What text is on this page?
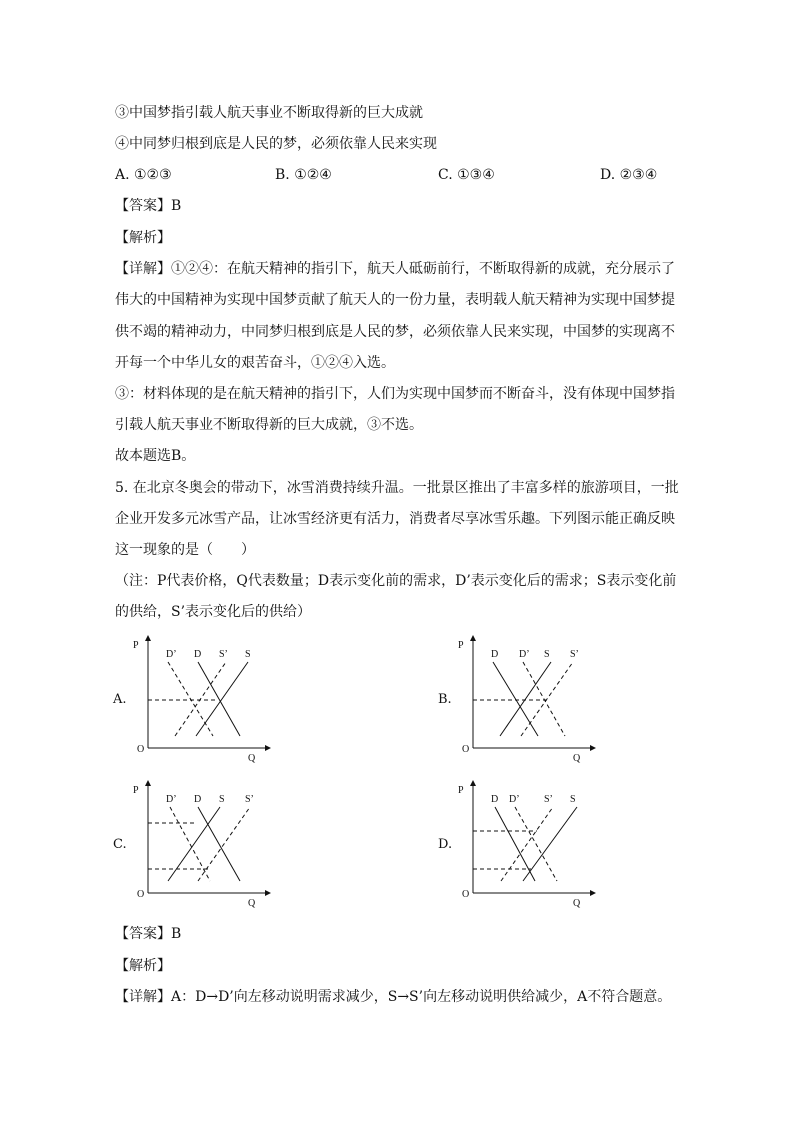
③中国梦指引载人航天事业不断取得新的巨大成就
④中同梦归根到底是人民的梦，必须依靠人民来实现
A. ①②③	B. ①②④	C. ①③④	D. ②③④
【答案】B
【解析】
【详解】①②④：在航天精神的指引下，航天人砥砺前行，不断取得新的成就，充分展示了
伟大的中国精神为实现中国梦贡献了航天人的一份力量，表明载人航天精神为实现中国梦提
供不竭的精神动力，中同梦归根到底是人民的梦，必须依靠人民来实现，中国梦的实现离不
开每一个中华儿女的艰苦奋斗，①②④入选。
③：材料体现的是在航天精神的指引下，人们为实现中国梦而不断奋斗，没有体现中国梦指
引载人航天事业不断取得新的巨大成就，③不选。
故本题选B。
5. 在北京冬奥会的带动下，冰雪消费持续升温。一批景区推出了丰富多样的旅游项目，一批
企业开发多元冰雪产品，让冰雪经济更有活力，消费者尽享冰雪乐趣。下列图示能正确反映
这一现象的是（　　）
（注：P代表价格，Q代表数量；D表示变化前的需求，D’表示变化后的需求；S表示变化前
的供给，S’表示变化后的供给）
A.
P
Q
O
D’ D S’ S
B.
P
Q
O
D D’ S S’
C.
P
Q
O
D’ D S S’
D.
P
Q
O
D D’ S’ S
【答案】B
【解析】
【详解】A：D→D’向左移动说明需求减少，S→S’向左移动说明供给减少，A不符合题意。
